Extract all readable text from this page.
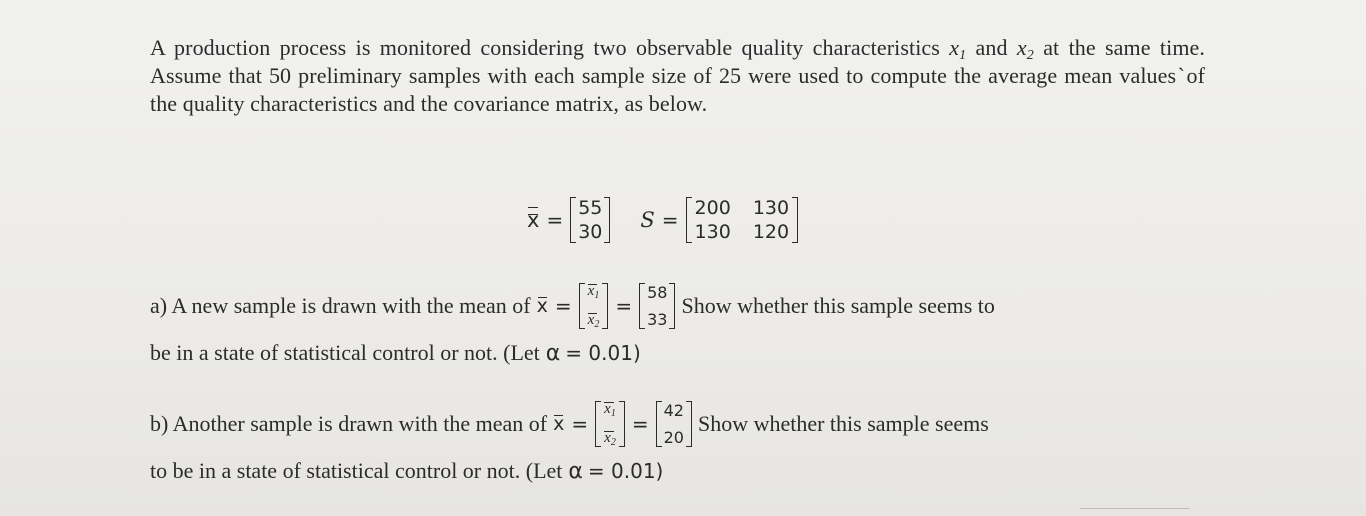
A production process is monitored considering two observable quality characteristics $x_1$ and $x_2$ at the same time. Assume that 50 preliminary samples with each sample size of 25 were used to compute the average mean valuesˋof the quality characteristics and the covariance matrix, as below.
x = 55
30 S = 200 130
130 120
a) A new sample is drawn with the mean of x =
$x_1$
$x_2$
=
58
33
Show whether this sample seems to
be in a state of statistical control or not. (Let α = 0.01)
b) Another sample is drawn with the mean of x =
$x_1$
$x_2$
=
42
20
Show whether this sample seems
to be in a state of statistical control or not. (Let α = 0.01)
